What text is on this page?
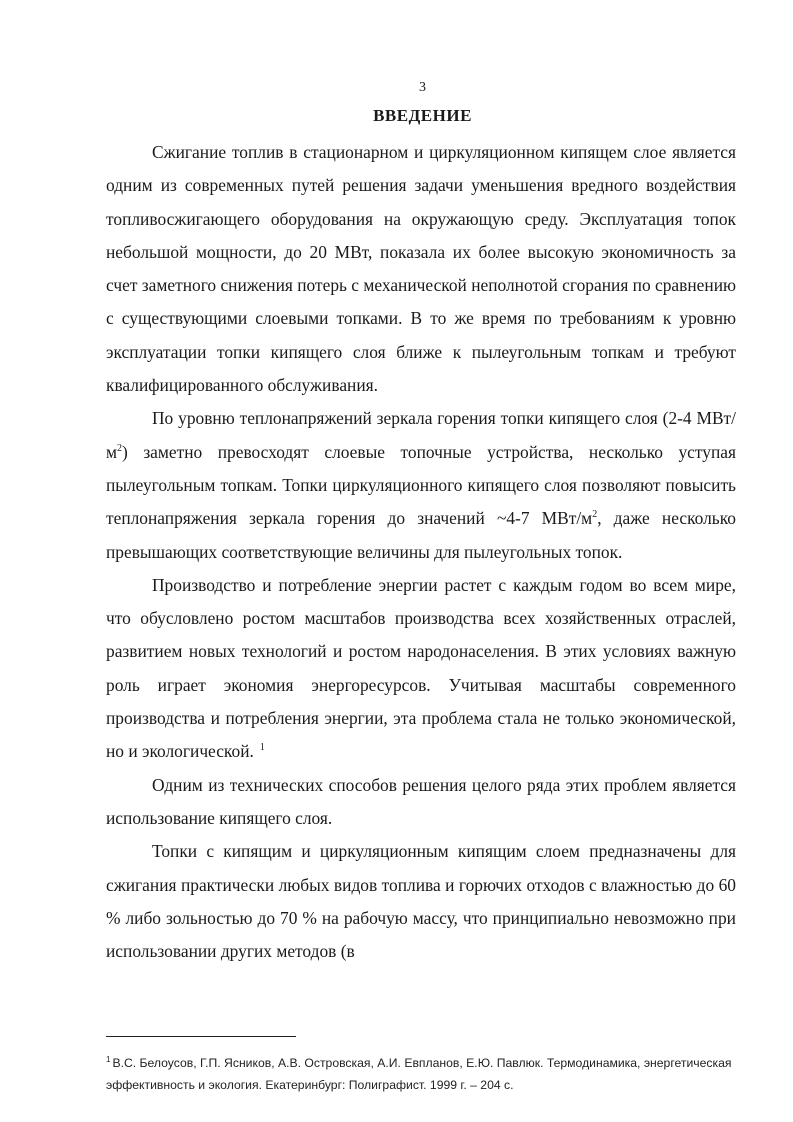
3
ВВЕДЕНИЕ

Сжигание топлив в стационарном и циркуляционном кипящем слое является одним из современных путей решения задачи уменьшения вредного воздействия топливосжигающего оборудования на окружающую среду. Эксплуатация топок небольшой мощности, до 20 МВт, показала их более высокую экономичность за счет заметного снижения потерь с механической неполнотой сгорания по сравнению с существующими слоевыми топками. В то же время по требованиям к уровню эксплуатации топки кипящего слоя ближе к пылеугольным топкам и требуют квалифицированного обслуживания.

По уровню теплонапряжений зеркала горения топки кипящего слоя (2-4 МВт/$м^2$) заметно превосходят слоевые топочные устройства, несколько уступая пылеугольным топкам. Топки циркуляционного кипящего слоя позволяют повысить теплонапряжения зеркала горения до значений ~4-7 МВт/$м^2$, даже несколько превышающих соответствующие величины для пылеугольных топок.

Производство и потребление энергии растет с каждым годом во всем мире, что обусловлено ростом масштабов производства всех хозяйственных отраслей, развитием новых технологий и ростом народонаселения. В этих условиях важную роль играет экономия энергоресурсов. Учитывая масштабы современного производства и потребления энергии, эта проблема стала не только экономической, но и экологической. $^1$

Одним из технических способов решения целого ряда этих проблем является использование кипящего слоя.

Топки с кипящим и циркуляционным кипящим слоем предназначены для сжигания практически любых видов топлива и горючих отходов с влажностью до 60 % либо зольностью до 70 % на рабочую массу, что принципиально невозможно при использовании других методов (в

$^1$ В.С. Белоусов, Г.П. Ясников, А.В. Островская, А.И. Евпланов, Е.Ю. Павлюк. Термодинамика, энергетическая эффективность и экология. Екатеринбург: Полиграфист. 1999 г. – 204 с.
